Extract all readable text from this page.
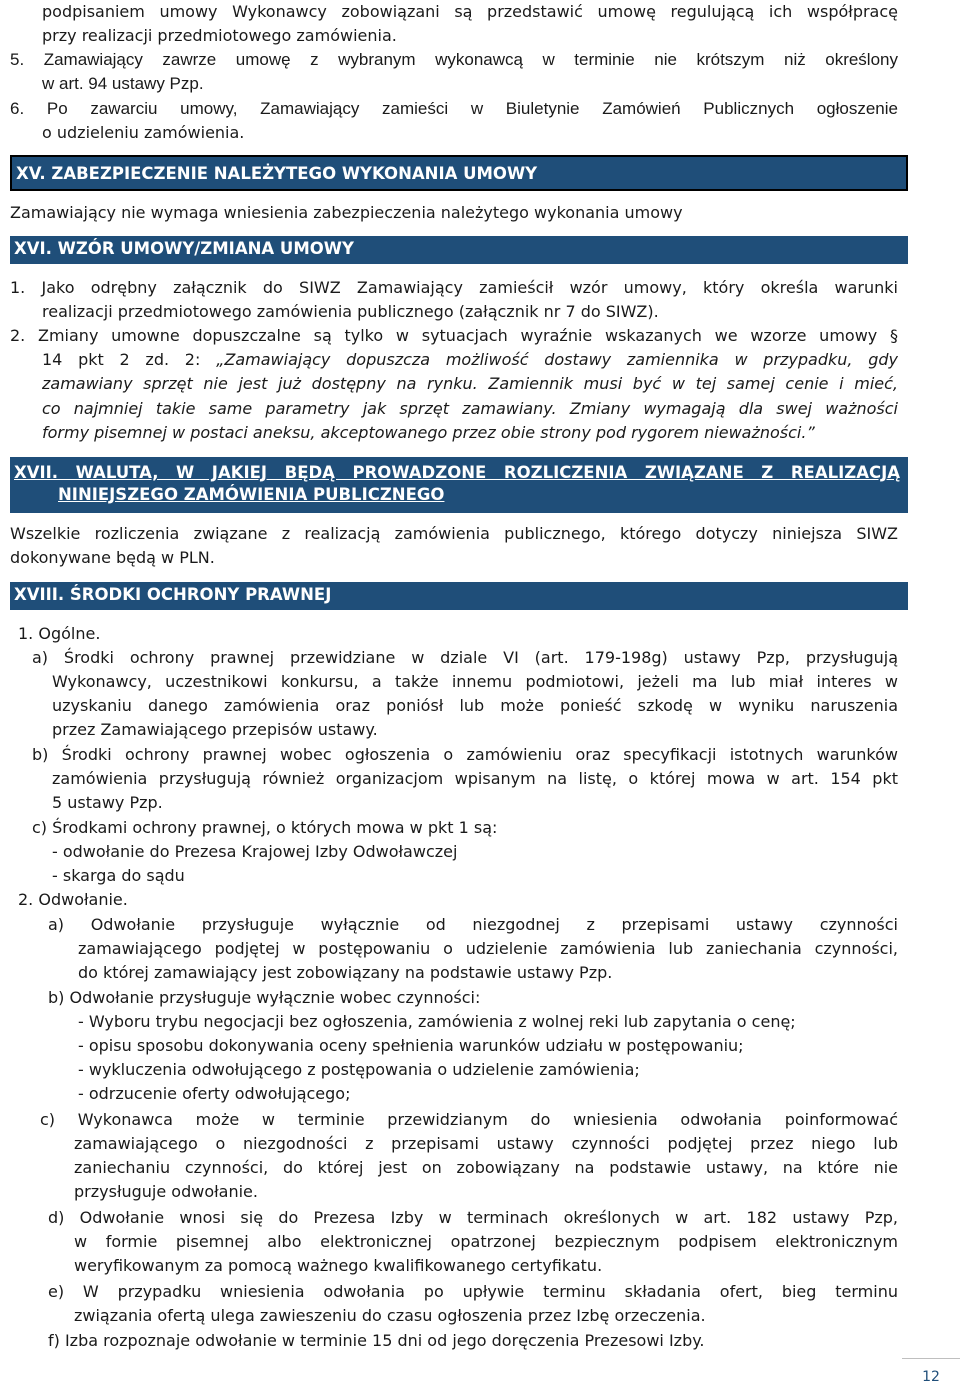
podpisaniem umowy Wykonawcy zobowiązani są przedstawić umowę regulującą ich współpracę
przy realizacji przedmiotowego zamówienia.
5. Zamawiający zawrze umowę z wybranym wykonawcą w terminie nie krótszym niż określony
w art. 94 ustawy Pzp.
6. Po zawarciu umowy, Zamawiający zamieści w Biuletynie Zamówień Publicznych ogłoszenie
o udzieleniu zamówienia.
XV. ZABEZPIECZENIE NALEŻYTEGO WYKONANIA UMOWY
Zamawiający nie wymaga wniesienia zabezpieczenia należytego wykonania umowy
XVI. WZÓR UMOWY/ZMIANA UMOWY
1. Jako odrębny załącznik do SIWZ Zamawiający zamieścił wzór umowy, który określa warunki
realizacji przedmiotowego zamówienia publicznego (załącznik nr 7 do SIWZ).
2. Zmiany umowne dopuszczalne są tylko w sytuacjach wyraźnie wskazanych we wzorze umowy §
14 pkt 2 zd. 2: „Zamawiający dopuszcza możliwość dostawy zamiennika w przypadku, gdy
zamawiany sprzęt nie jest już dostępny na rynku. Zamiennik musi być w tej samej cenie i mieć,
co najmniej takie same parametry jak sprzęt zamawiany. Zmiany wymagają dla swej ważności
formy pisemnej w postaci aneksu, akceptowanego przez obie strony pod rygorem nieważności.”
XVII. WALUTA, W JAKIEJ BĘDĄ PROWADZONE ROZLICZENIA ZWIĄZANE Z REALIZACJĄ
NINIEJSZEGO ZAMÓWIENIA PUBLICZNEGO
Wszelkie rozliczenia związane z realizacją zamówienia publicznego, którego dotyczy niniejsza SIWZ
dokonywane będą w PLN.
XVIII. ŚRODKI OCHRONY PRAWNEJ
1. Ogólne.
a) Środki ochrony prawnej przewidziane w dziale VI (art. 179-198g) ustawy Pzp, przysługują
Wykonawcy, uczestnikowi konkursu, a także innemu podmiotowi, jeżeli ma lub miał interes w
uzyskaniu danego zamówienia oraz poniósł lub może ponieść szkodę w wyniku naruszenia
przez Zamawiającego przepisów ustawy.
b) Środki ochrony prawnej wobec ogłoszenia o zamówieniu oraz specyfikacji istotnych warunków
zamówienia przysługują również organizacjom wpisanym na listę, o której mowa w art. 154 pkt
5 ustawy Pzp.
c) Środkami ochrony prawnej, o których mowa w pkt 1 są:
- odwołanie do Prezesa Krajowej Izby Odwoławczej
- skarga do sądu
2. Odwołanie.
a) Odwołanie przysługuje wyłącznie od niezgodnej z przepisami ustawy czynności
zamawiającego podjętej w postępowaniu o udzielenie zamówienia lub zaniechania czynności,
do której zamawiający jest zobowiązany na podstawie ustawy Pzp.
b) Odwołanie przysługuje wyłącznie wobec czynności:
- Wyboru trybu negocjacji bez ogłoszenia, zamówienia z wolnej reki lub zapytania o cenę;
- opisu sposobu dokonywania oceny spełnienia warunków udziału w postępowaniu;
- wykluczenia odwołującego z postępowania o udzielenie zamówienia;
- odrzucenie oferty odwołującego;
c) Wykonawca może w terminie przewidzianym do wniesienia odwołania poinformować
zamawiającego o niezgodności z przepisami ustawy czynności podjętej przez niego lub
zaniechaniu czynności, do której jest on zobowiązany na podstawie ustawy, na które nie
przysługuje odwołanie.
d) Odwołanie wnosi się do Prezesa Izby w terminach określonych w art. 182 ustawy Pzp,
w formie pisemnej albo elektronicznej opatrzonej bezpiecznym podpisem elektronicznym
weryfikowanym za pomocą ważnego kwalifikowanego certyfikatu.
e) W przypadku wniesienia odwołania po upływie terminu składania ofert, bieg terminu
związania ofertą ulega zawieszeniu do czasu ogłoszenia przez Izbę orzeczenia.
f) Izba rozpoznaje odwołanie w terminie 15 dni od jego doręczenia Prezesowi Izby.
12
